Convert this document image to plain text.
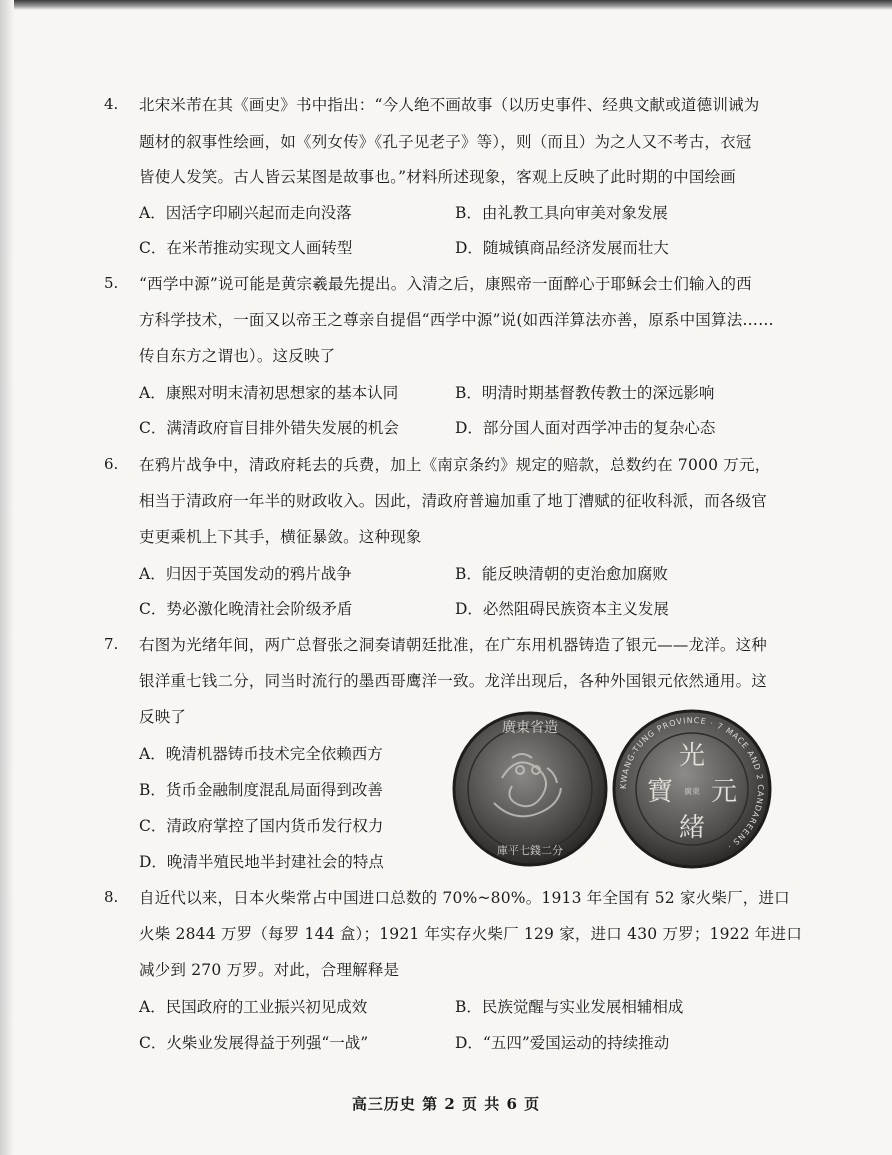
4. 北宋米芾在其《画史》书中指出：“今人绝不画故事（以历史事件、经典文献或道德训诫为
题材的叙事性绘画，如《列女传》《孔子见老子》等），则（而且）为之人又不考古，衣冠
皆使人发笑。古人皆云某图是故事也。”材料所述现象，客观上反映了此时期的中国绘画
A．因活字印刷兴起而走向没落	B．由礼教工具向审美对象发展
C．在米芾推动实现文人画转型	D．随城镇商品经济发展而壮大
5. “西学中源”说可能是黄宗羲最先提出。入清之后，康熙帝一面醉心于耶稣会士们输入的西
方科学技术，一面又以帝王之尊亲自提倡“西学中源”说(如西洋算法亦善，原系中国算法……
传自东方之谓也）。这反映了
A．康熙对明末清初思想家的基本认同	B．明清时期基督教传教士的深远影响
C．满清政府盲目排外错失发展的机会	D．部分国人面对西学冲击的复杂心态
6. 在鸦片战争中，清政府耗去的兵费，加上《南京条约》规定的赔款，总数约在 7000 万元，
相当于清政府一年半的财政收入。因此，清政府普遍加重了地丁漕赋的征收科派，而各级官
吏更乘机上下其手，横征暴敛。这种现象
A．归因于英国发动的鸦片战争	B．能反映清朝的吏治愈加腐败
C．势必激化晚清社会阶级矛盾	D．必然阻碍民族资本主义发展
7. 右图为光绪年间，两广总督张之洞奏请朝廷批准，在广东用机器铸造了银元——龙洋。这种
银洋重七钱二分，同当时流行的墨西哥鹰洋一致。龙洋出现后，各种外国银元依然通用。这
反映了
A．晚清机器铸币技术完全依赖西方
B．货币金融制度混乱局面得到改善
C．清政府掌控了国内货币发行权力
D．晚清半殖民地半封建社会的特点
廣東省造
庫平七錢二分
KWANG-TUNG PROVINCE · 7 MACE AND 2 CANDAREENS ·
光
緒
元
寶 廣東
8. 自近代以来，日本火柴常占中国进口总数的 70%~80%。1913 年全国有 52 家火柴厂，进口
火柴 2844 万罗（每罗 144 盒）；1921 年实存火柴厂 129 家，进口 430 万罗；1922 年进口
减少到 270 万罗。对此，合理解释是
A．民国政府的工业振兴初见成效	B．民族觉醒与实业发展相辅相成
C．火柴业发展得益于列强“一战”	D．“五四”爱国运动的持续推动
高三历史 第 2 页 共 6 页
